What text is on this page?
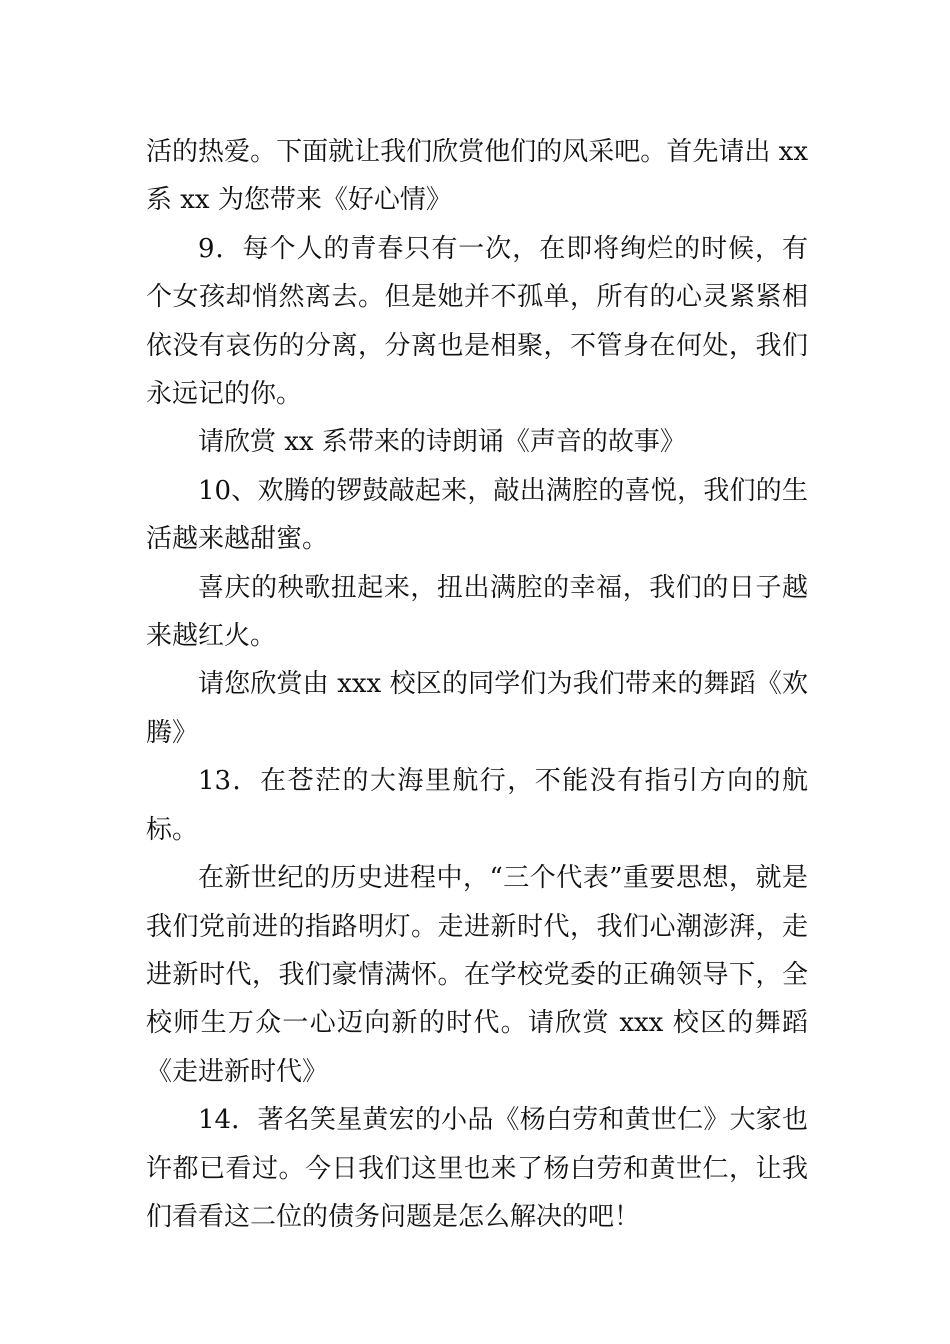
活的热爱。下面就让我们欣赏他们的风采吧。首先请出 xx 系 xx 为您带来《好心情》

9．每个人的青春只有一次，在即将绚烂的时候，有个女孩却悄然离去。但是她并不孤单，所有的心灵紧紧相依没有哀伤的分离，分离也是相聚，不管身在何处，我们永远记的你。

请欣赏 xx 系带来的诗朗诵《声音的故事》

10、欢腾的锣鼓敲起来，敲出满腔的喜悦，我们的生活越来越甜蜜。

喜庆的秧歌扭起来，扭出满腔的幸福，我们的日子越来越红火。

请您欣赏由 xxx 校区的同学们为我们带来的舞蹈《欢腾》

13．在苍茫的大海里航行，不能没有指引方向的航标。

在新世纪的历史进程中，“三个代表”重要思想，就是我们党前进的指路明灯。走进新时代，我们心潮澎湃，走进新时代，我们豪情满怀。在学校党委的正确领导下，全校师生万众一心迈向新的时代。请欣赏 xxx 校区的舞蹈《走进新时代》

14．著名笑星黄宏的小品《杨白劳和黄世仁》大家也许都已看过。今日我们这里也来了杨白劳和黄世仁，让我们看看这二位的债务问题是怎么解决的吧！
